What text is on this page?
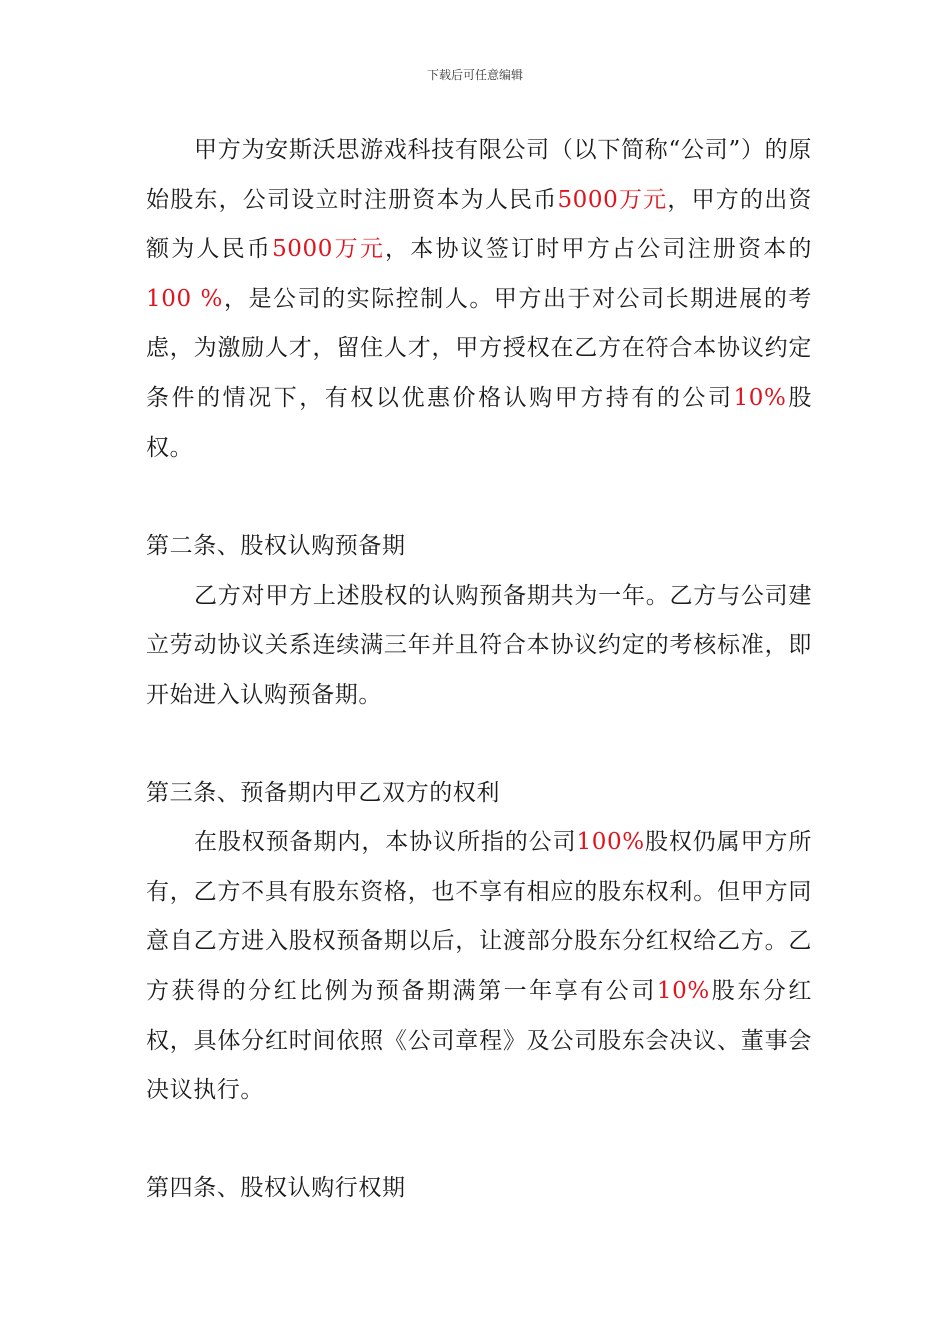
下载后可任意编辑

甲方为安斯沃思游戏科技有限公司（以下简称“公司”）的原始股东，公司设立时注册资本为人民币5000万元，甲方的出资额为人民币5000万元，本协议签订时甲方占公司注册资本的100 %，是公司的实际控制人。甲方出于对公司长期进展的考虑，为激励人才，留住人才，甲方授权在乙方在符合本协议约定条件的情况下，有权以优惠价格认购甲方持有的公司10%股权。

第二条、股权认购预备期

乙方对甲方上述股权的认购预备期共为一年。乙方与公司建立劳动协议关系连续满三年并且符合本协议约定的考核标准，即开始进入认购预备期。

第三条、预备期内甲乙双方的权利

在股权预备期内，本协议所指的公司100%股权仍属甲方所有，乙方不具有股东资格，也不享有相应的股东权利。但甲方同意自乙方进入股权预备期以后，让渡部分股东分红权给乙方。乙方获得的分红比例为预备期满第一年享有公司10%股东分红权，具体分红时间依照《公司章程》及公司股东会决议、董事会决议执行。

第四条、股权认购行权期
